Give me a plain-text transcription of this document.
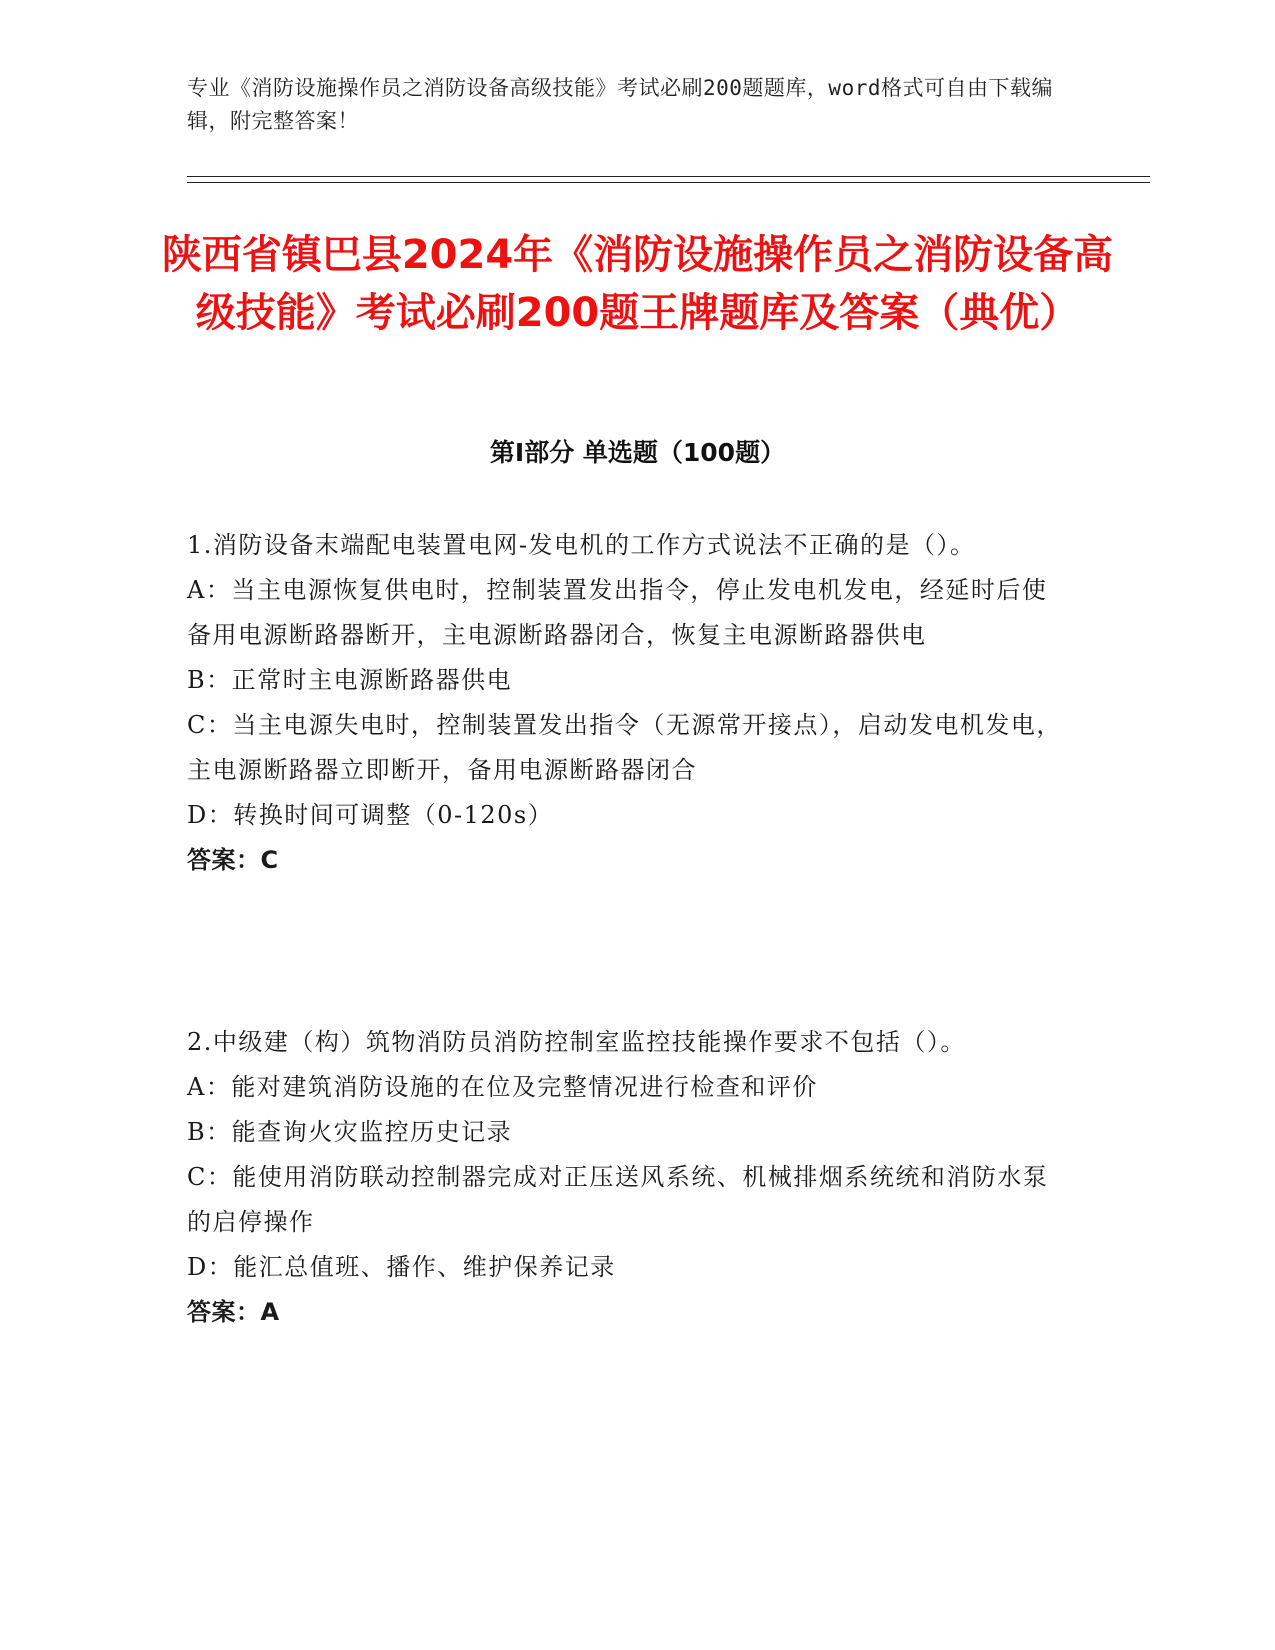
专业《消防设施操作员之消防设备高级技能》考试必刷200题题库，word格式可自由下载编辑，附完整答案！
陕西省镇巴县2024年《消防设施操作员之消防设备高级技能》考试必刷200题王牌题库及答案（典优）
第I部分 单选题（100题）
1.消防设备末端配电装置电网-发电机的工作方式说法不正确的是（）。
A：当主电源恢复供电时，控制装置发出指令，停止发电机发电，经延时后使备用电源断路器断开，主电源断路器闭合，恢复主电源断路器供电
B：正常时主电源断路器供电
C：当主电源失电时，控制装置发出指令（无源常开接点），启动发电机发电，主电源断路器立即断开，备用电源断路器闭合
D：转换时间可调整（0-120s）
答案：C
2.中级建（构）筑物消防员消防控制室监控技能操作要求不包括（）。
A：能对建筑消防设施的在位及完整情况进行检查和评价
B：能查询火灾监控历史记录
C：能使用消防联动控制器完成对正压送风系统、机械排烟系统统和消防水泵的启停操作
D：能汇总值班、播作、维护保养记录
答案：A
